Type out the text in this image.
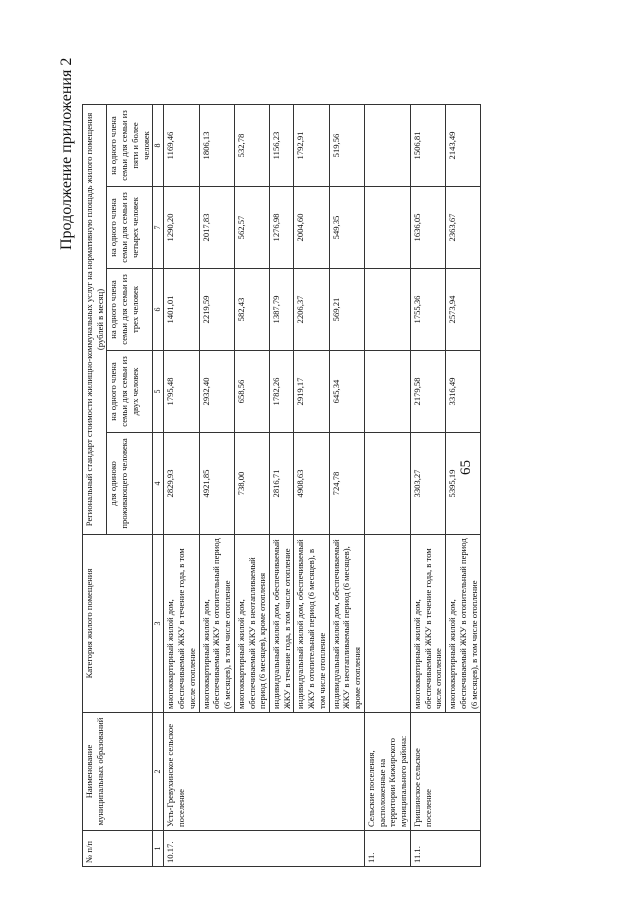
Продолжение приложения 2
№ п/п	Наименование муниципальных образований	Категория жилого помещения	Региональный стандарт стоимости жилищно-коммунальных услуг на нормативную площадь жилого помещения (рублей в месяц)				
			для одиноко проживающего человека	на одного члена семьи для семьи из двух человек	на одного члена семьи для семьи из трех человек	на одного члена семьи для семьи из четырех человек	на одного члена семьи для семьи из пяти и более человек
1	2	3	4	5	6	7	8
10.17.	Усть-Гревухинское сельское поселение	многоквартирный жилой дом, обеспечиваемый ЖКУ в течение года, в том числе отопление	2829,93	1795,48	1401,01	1290,20	1169,46
		многоквартирный жилой дом, обеспечиваемый ЖКУ в отопительный период (6 месяцев), в том числе отопление	4921,85	2932,40	2219,59	2017,83	1806,13
		многоквартирный жилой дом, обеспечиваемый ЖКУ в неотапливаемый период (6 месяцев), кроме отопления	738,00	658,56	582,43	562,57	532,78
		индивидуальный жилой дом, обеспечиваемый ЖКУ в течение года, в том числе отопление	2816,71	1782,26	1387,79	1276,98	1156,23
		индивидуальный жилой дом, обеспечиваемый ЖКУ в отопительный период (6 месяцев), в том числе отопление	4908,63	2919,17	2206,37	2004,60	1792,91
		индивидуальный жилой дом, обеспечиваемый ЖКУ в неотапливаемый период (6 месяцев), кроме отопления	724,78	645,34	569,21	549,35	519,56
11.	Сельские поселения, расположенные на территории Кижирского муниципального района:						
11.1.	Гришинское сельское поселение	многоквартирный жилой дом, обеспечиваемый ЖКУ в течение года, в том числе отопление	3303,27	2179,58	1755,36	1636,05	1506,81
		многоквартирный жилой дом, обеспечиваемый ЖКУ в отопительный период (6 месяцев), в том числе отопление	5395,19	3316,49	2573,94	2363,67	2143,49
65
